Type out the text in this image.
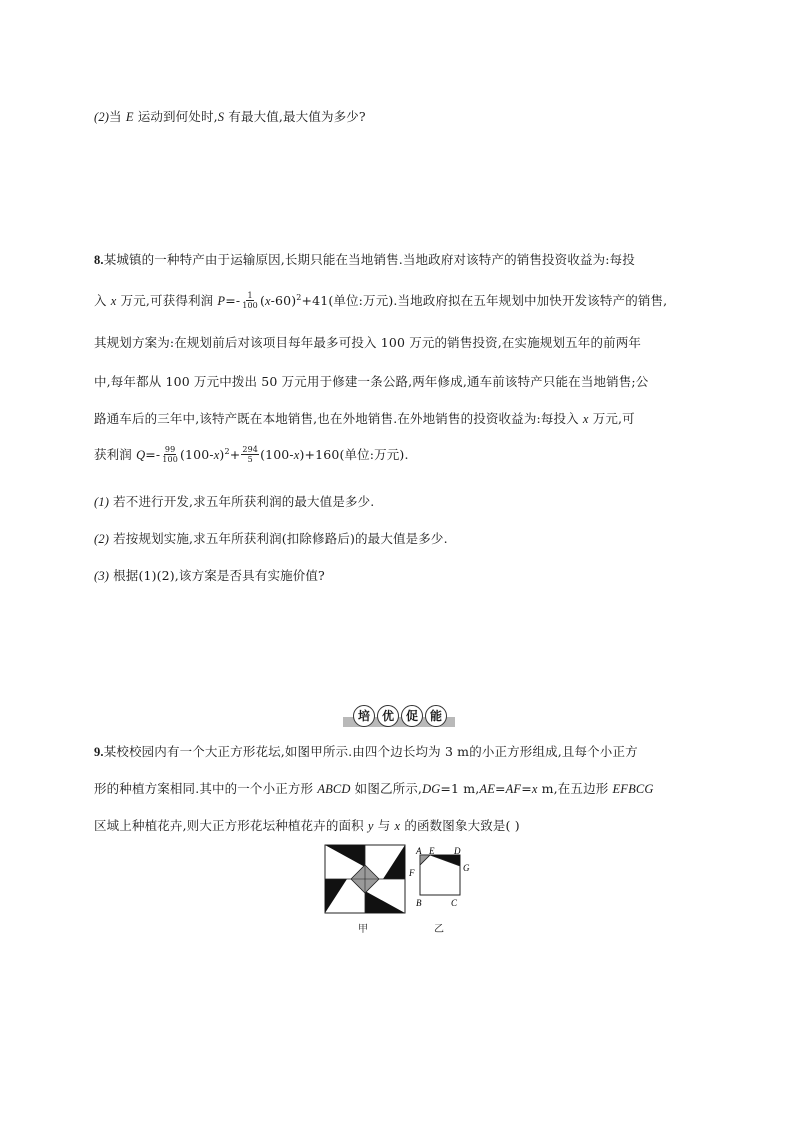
(2)当 E 运动到何处时,S 有最大值,最大值为多少?
8.某城镇的一种特产由于运输原因,长期只能在当地销售.当地政府对该特产的销售投资收益为:每投
入 x 万元,可获得利润 $P=- \frac{1}{100} (x-60)^2+41$(单位:万元).当地政府拟在五年规划中加快开发该特产的销售,
其规划方案为:在规划前后对该项目每年最多可投入 100 万元的销售投资,在实施规划五年的前两年
中,每年都从 100 万元中拨出 50 万元用于修建一条公路,两年修成,通车前该特产只能在当地销售;公
路通车后的三年中,该特产既在本地销售,也在外地销售.在外地销售的投资收益为:每投入 x 万元,可
获利润 $Q=- \frac{99}{100} (100-x)^2+ \frac{294}{5} (100-x)+160$(单位:万元).
(1) 若不进行开发,求五年所获利润的最大值是多少.
(2) 若按规划实施,求五年所获利润(扣除修路后)的最大值是多少.
(3) 根据(1)(2),该方案是否具有实施价值?
培 优 促 能
9.某校校园内有一个大正方形花坛,如图甲所示.由四个边长均为 3 m的小正方形组成,且每个小正方
形的种植方案相同.其中的一个小正方形 ABCD 如图乙所示,DG=1 m,AE=AF=x m,在五边形 EFBCG
区域上种植花卉,则大正方形花坛种植花卉的面积 y 与 x 的函数图象大致是( )
甲
A E D
F	G
B	C
乙
